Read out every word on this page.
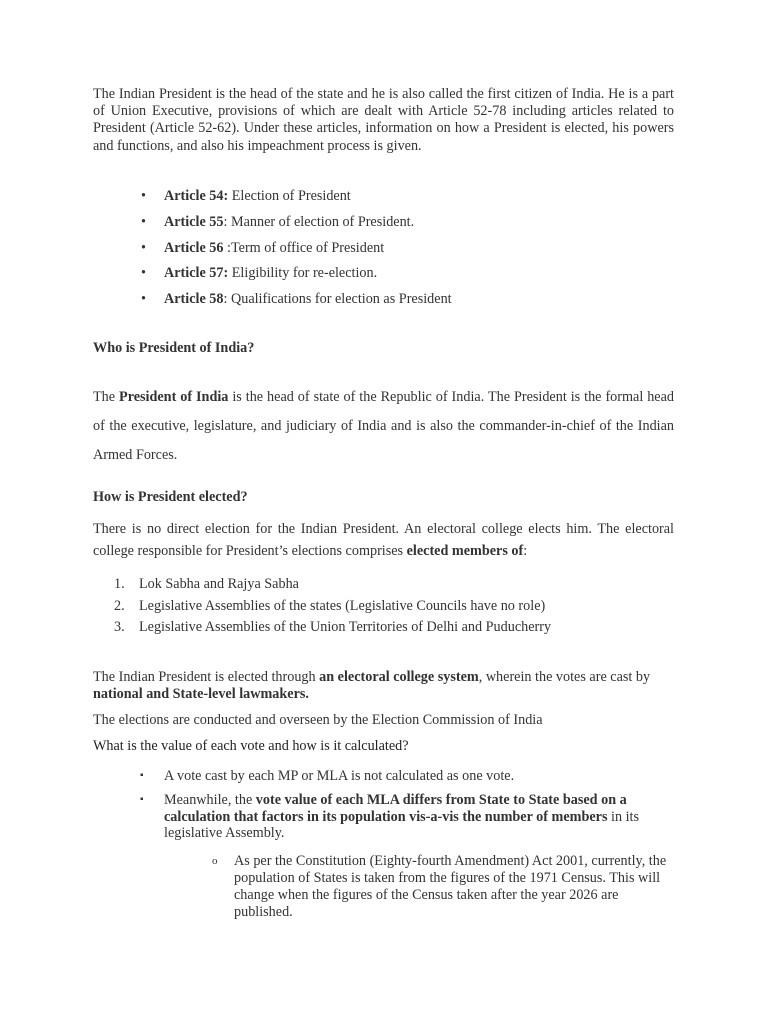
The Indian President is the head of the state and he is also called the first citizen of India. He is a part of Union Executive, provisions of which are dealt with Article 52-78 including articles related to President (Article 52-62). Under these articles, information on how a President is elected, his powers and functions, and also his impeachment process is given.

• Article 54: Election of President
• Article 55: Manner of election of President.
• Article 56 :Term of office of President
• Article 57: Eligibility for re-election.
• Article 58: Qualifications for election as President
Who is President of India?

The President of India is the head of state of the Republic of India. The President is the formal head of the executive, legislature, and judiciary of India and is also the commander-in-chief of the Indian Armed Forces.

How is President elected?

There is no direct election for the Indian President. An electoral college elects him. The electoral college responsible for President’s elections comprises elected members of:

1. Lok Sabha and Rajya Sabha
2. Legislative Assemblies of the states (Legislative Councils have no role)
3. Legislative Assemblies of the Union Territories of Delhi and Puducherry

The Indian President is elected through an electoral college system, wherein the votes are cast by national and State-level lawmakers.

The elections are conducted and overseen by the Election Commission of India

What is the value of each vote and how is it calculated?

▪ A vote cast by each MP or MLA is not calculated as one vote.
▪ Meanwhile, the vote value of each MLA differs from State to State based on a calculation that factors in its population vis-a-vis the number of members in its legislative Assembly.

o As per the Constitution (Eighty-fourth Amendment) Act 2001, currently, the population of States is taken from the figures of the 1971 Census. This will change when the figures of the Census taken after the year 2026 are published.
